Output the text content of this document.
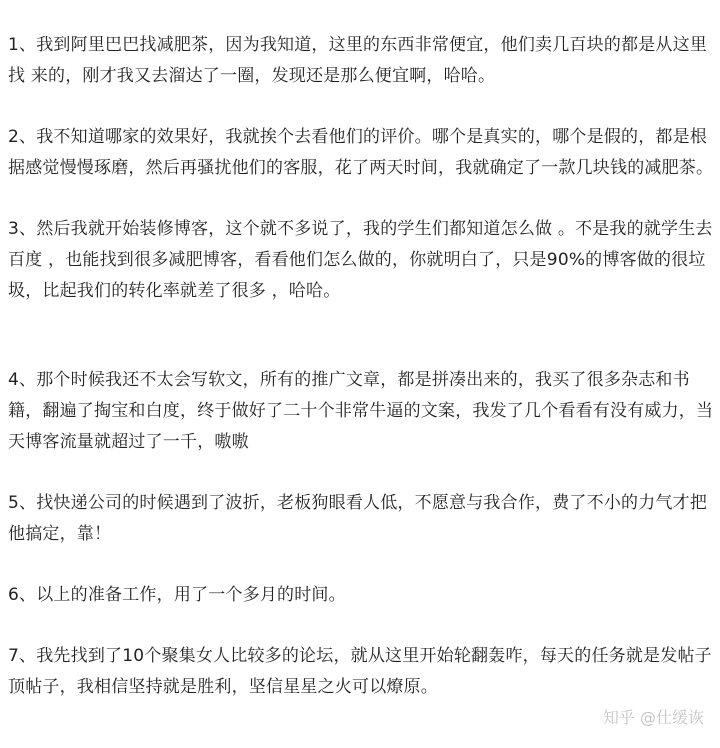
1、我到阿里巴巴找减肥茶，因为我知道，这里的东西非常便宜，他们卖几百块的都是从这里找 来的，刚才我又去溜达了一圈，发现还是那么便宜啊，哈哈。

2、我不知道哪家的效果好，我就挨个去看他们的评价。哪个是真实的，哪个是假的，都是根据感觉慢慢琢磨，然后再骚扰他们的客服，花了两天时间，我就确定了一款几块钱的减肥茶。

3、然后我就开始装修博客，这个就不多说了，我的学生们都知道怎么做 。不是我的就学生去百度 ，也能找到很多减肥博客，看看他们怎么做的，你就明白了，只是90%的博客做的很垃圾，比起我们的转化率就差了很多 ，哈哈。

4、那个时候我还不太会写软文，所有的推广文章，都是拼凑出来的，我买了很多杂志和书籍，翻遍了掏宝和白度，终于做好了二十个非常牛逼的文案，我发了几个看看有没有威力，当天博客流量就超过了一千，嗷嗷

5、找快递公司的时候遇到了波折，老板狗眼看人低，不愿意与我合作，费了不小的力气才把他搞定，靠！

6、以上的准备工作，用了一个多月的时间。

7、我先找到了10个聚集女人比较多的论坛，就从这里开始轮翻轰咋，每天的任务就是发帖子顶帖子，我相信坚持就是胜利，坚信星星之火可以燎原。

知乎 @仕缓诙
